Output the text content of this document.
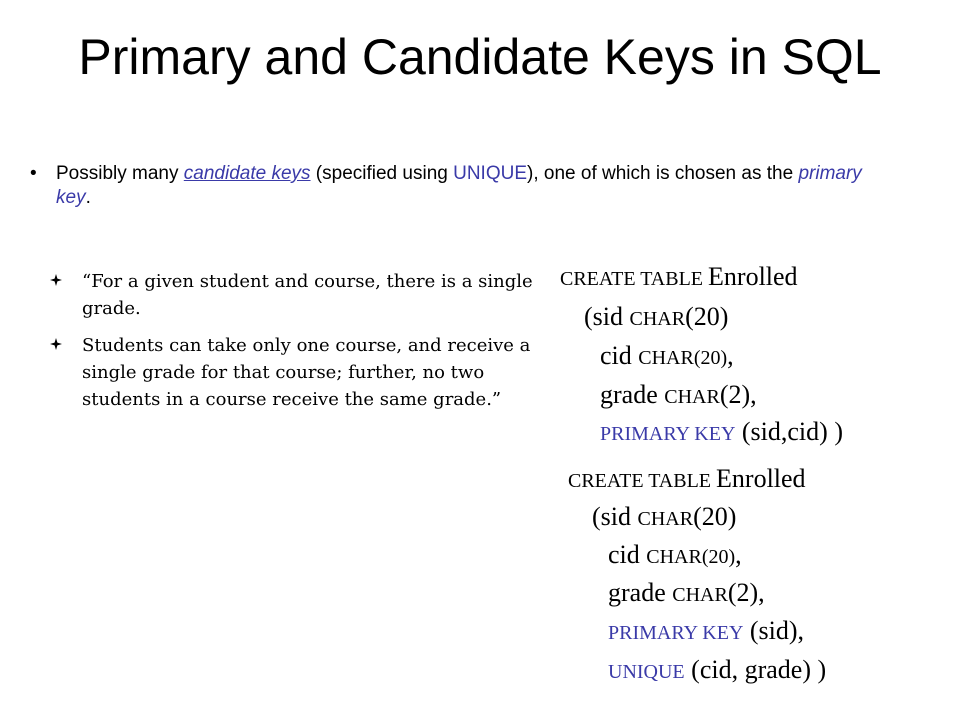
Primary and Candidate Keys in SQL
• Possibly many candidate keys (specified using UNIQUE), one of which is chosen as the primary key.
“For a given student and course, there is a single grade.
Students can take only one course, and receive a single grade for that course; further, no two students in a course receive the same grade.”
CREATE TABLE Enrolled
(sid CHAR(20)
cid CHAR(20),
grade CHAR(2),
PRIMARY KEY (sid,cid) )
CREATE TABLE Enrolled
(sid CHAR(20)
cid CHAR(20),
grade CHAR(2),
PRIMARY KEY (sid),
UNIQUE (cid, grade) )
